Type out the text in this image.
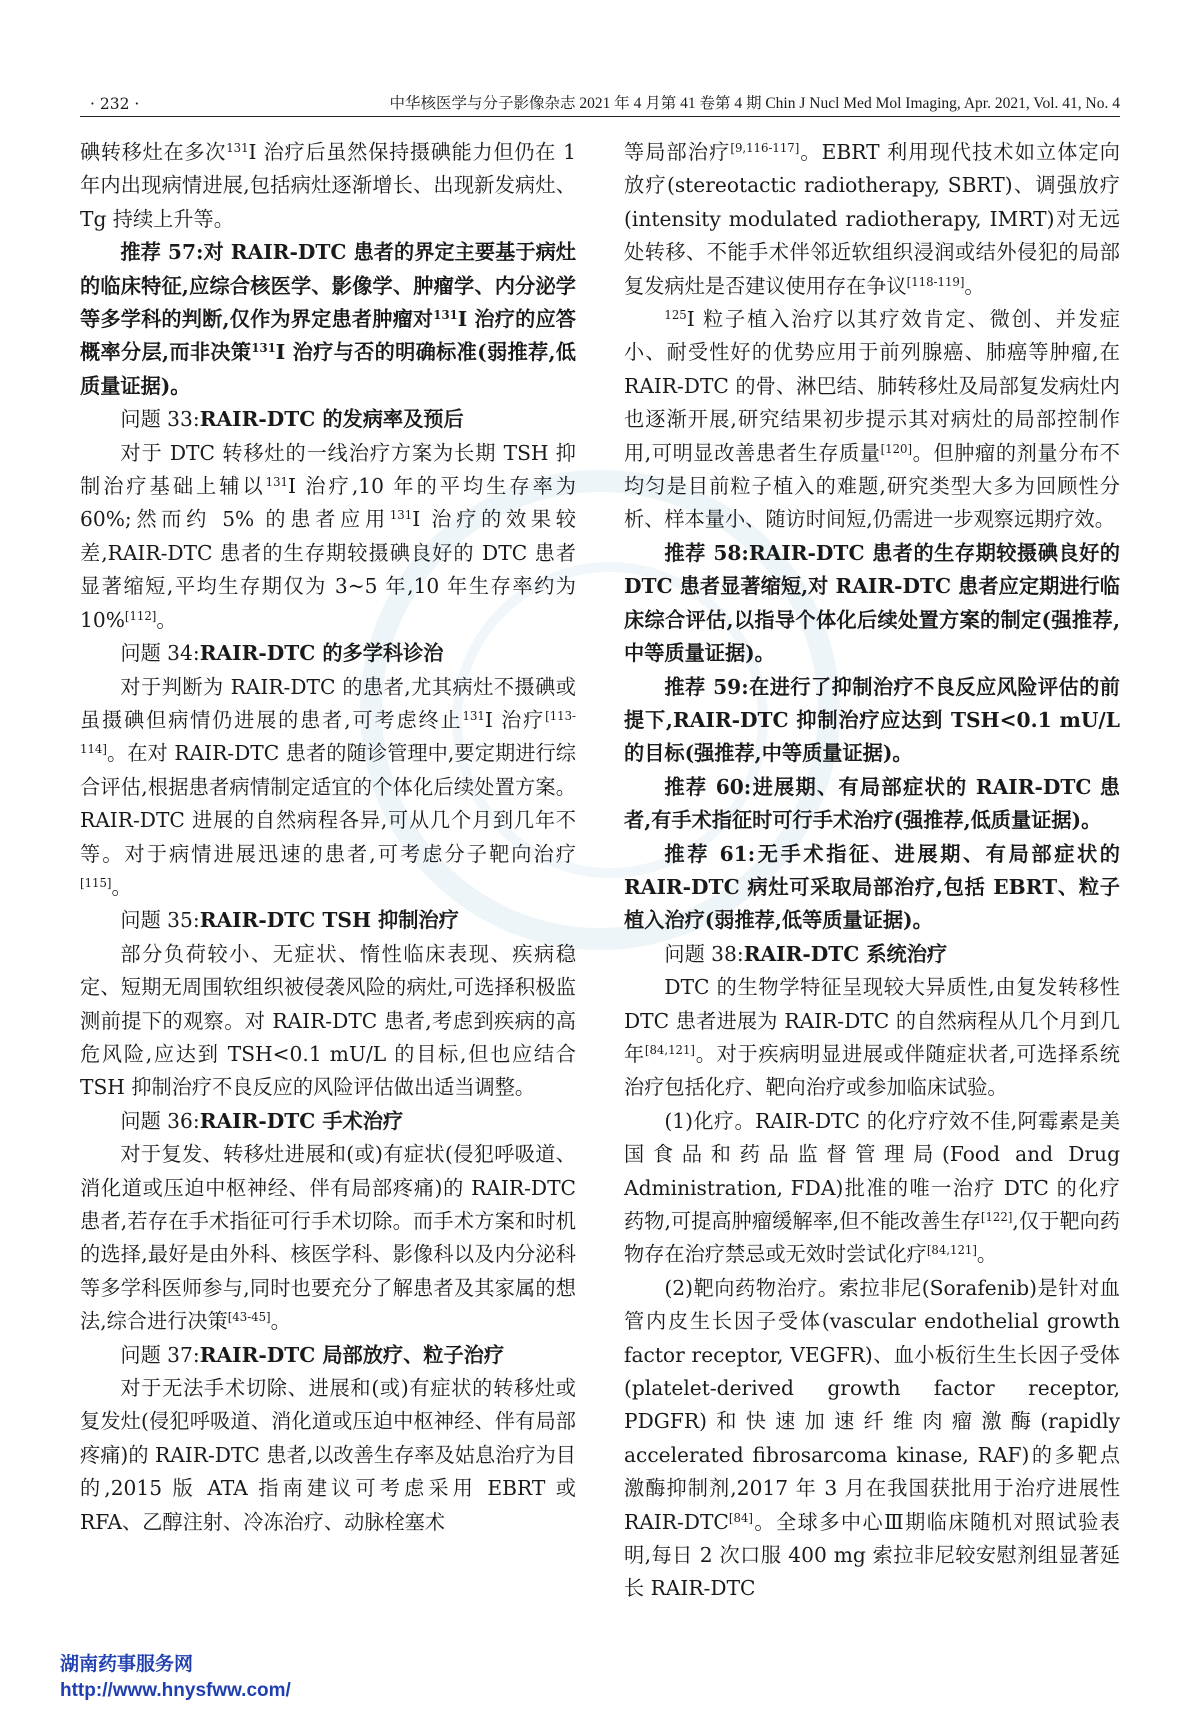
· 232 ·	中华核医学与分子影像杂志 2021 年 4 月第 41 卷第 4 期 Chin J Nucl Med Mol Imaging, Apr. 2021, Vol. 41, No. 4

碘转移灶在多次$^{131}$I 治疗后虽然保持摄碘能力但仍在 1 年内出现病情进展,包括病灶逐渐增长、出现新发病灶、Tg 持续上升等。

推荐 57:对 RAIR-DTC 患者的界定主要基于病灶的临床特征,应综合核医学、影像学、肿瘤学、内分泌学等多学科的判断,仅作为界定患者肿瘤对$^{131}$I 治疗的应答概率分层,而非决策$^{131}$I 治疗与否的明确标准(弱推荐,低质量证据)。

问题 33:RAIR-DTC 的发病率及预后

对于 DTC 转移灶的一线治疗方案为长期 TSH 抑制治疗基础上辅以$^{131}$I 治疗,10 年的平均生存率为 60%;然而约 5% 的患者应用$^{131}$I 治疗的效果较差,RAIR-DTC 患者的生存期较摄碘良好的 DTC 患者显著缩短,平均生存期仅为 3~5 年,10 年生存率约为 10%[112]。

问题 34:RAIR-DTC 的多学科诊治

对于判断为 RAIR-DTC 的患者,尤其病灶不摄碘或虽摄碘但病情仍进展的患者,可考虑终止$^{131}$I 治疗[113-114]。在对 RAIR-DTC 患者的随诊管理中,要定期进行综合评估,根据患者病情制定适宜的个体化后续处置方案。RAIR-DTC 进展的自然病程各异,可从几个月到几年不等。对于病情进展迅速的患者,可考虑分子靶向治疗[115]。

问题 35:RAIR-DTC TSH 抑制治疗

部分负荷较小、无症状、惰性临床表现、疾病稳定、短期无周围软组织被侵袭风险的病灶,可选择积极监测前提下的观察。对 RAIR-DTC 患者,考虑到疾病的高危风险,应达到 TSH<0.1 mU/L 的目标,但也应结合 TSH 抑制治疗不良反应的风险评估做出适当调整。

问题 36:RAIR-DTC 手术治疗

对于复发、转移灶进展和(或)有症状(侵犯呼吸道、消化道或压迫中枢神经、伴有局部疼痛)的 RAIR-DTC 患者,若存在手术指征可行手术切除。而手术方案和时机的选择,最好是由外科、核医学科、影像科以及内分泌科等多学科医师参与,同时也要充分了解患者及其家属的想法,综合进行决策[43-45]。

问题 37:RAIR-DTC 局部放疗、粒子治疗

对于无法手术切除、进展和(或)有症状的转移灶或复发灶(侵犯呼吸道、消化道或压迫中枢神经、伴有局部疼痛)的 RAIR-DTC 患者,以改善生存率及姑息治疗为目的,2015 版 ATA 指南建议可考虑采用 EBRT 或 RFA、乙醇注射、冷冻治疗、动脉栓塞术

等局部治疗[9,116-117]。EBRT 利用现代技术如立体定向放疗(stereotactic radiotherapy, SBRT)、调强放疗(intensity modulated radiotherapy, IMRT)对无远处转移、不能手术伴邻近软组织浸润或结外侵犯的局部复发病灶是否建议使用存在争议[118-119]。

$^{125}$I 粒子植入治疗以其疗效肯定、微创、并发症小、耐受性好的优势应用于前列腺癌、肺癌等肿瘤,在 RAIR-DTC 的骨、淋巴结、肺转移灶及局部复发病灶内也逐渐开展,研究结果初步提示其对病灶的局部控制作用,可明显改善患者生存质量[120]。但肿瘤的剂量分布不均匀是目前粒子植入的难题,研究类型大多为回顾性分析、样本量小、随访时间短,仍需进一步观察远期疗效。

推荐 58:RAIR-DTC 患者的生存期较摄碘良好的 DTC 患者显著缩短,对 RAIR-DTC 患者应定期进行临床综合评估,以指导个体化后续处置方案的制定(强推荐,中等质量证据)。

推荐 59:在进行了抑制治疗不良反应风险评估的前提下,RAIR-DTC 抑制治疗应达到 TSH<0.1 mU/L 的目标(强推荐,中等质量证据)。

推荐 60:进展期、有局部症状的 RAIR-DTC 患者,有手术指征时可行手术治疗(强推荐,低质量证据)。

推荐 61:无手术指征、进展期、有局部症状的 RAIR-DTC 病灶可采取局部治疗,包括 EBRT、粒子植入治疗(弱推荐,低等质量证据)。

问题 38:RAIR-DTC 系统治疗

DTC 的生物学特征呈现较大异质性,由复发转移性 DTC 患者进展为 RAIR-DTC 的自然病程从几个月到几年[84,121]。对于疾病明显进展或伴随症状者,可选择系统治疗包括化疗、靶向治疗或参加临床试验。

(1)化疗。RAIR-DTC 的化疗疗效不佳,阿霉素是美国食品和药品监督管理局(Food and Drug Administration, FDA)批准的唯一治疗 DTC 的化疗药物,可提高肿瘤缓解率,但不能改善生存[122],仅于靶向药物存在治疗禁忌或无效时尝试化疗[84,121]。

(2)靶向药物治疗。索拉非尼(Sorafenib)是针对血管内皮生长因子受体(vascular endothelial growth factor receptor, VEGFR)、血小板衍生生长因子受体(platelet-derived growth factor receptor, PDGFR)和快速加速纤维肉瘤激酶(rapidly accelerated fibrosarcoma kinase, RAF)的多靶点激酶抑制剂,2017 年 3 月在我国获批用于治疗进展性 RAIR-DTC[84]。全球多中心Ⅲ期临床随机对照试验表明,每日 2 次口服 400 mg 索拉非尼较安慰剂组显著延长 RAIR-DTC

湖南药事服务网
http://www.hnysfww.com/
